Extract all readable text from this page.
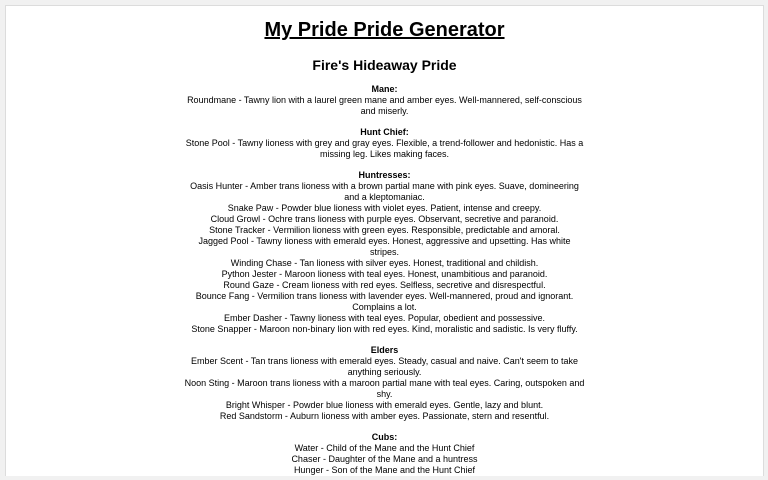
My Pride Pride Generator
Fire's Hideaway Pride
Mane:
Roundmane - Tawny lion with a laurel green mane and amber eyes. Well-mannered, self-conscious and miserly.
Hunt Chief:
Stone Pool - Tawny lioness with grey and gray eyes. Flexible, a trend-follower and hedonistic. Has a missing leg. Likes making faces.
Huntresses:
Oasis Hunter - Amber trans lioness with a brown partial mane with pink eyes. Suave, domineering and a kleptomaniac.
Snake Paw - Powder blue lioness with violet eyes. Patient, intense and creepy.
Cloud Growl - Ochre trans lioness with purple eyes. Observant, secretive and paranoid.
Stone Tracker - Vermilion lioness with green eyes. Responsible, predictable and amoral.
Jagged Pool - Tawny lioness with emerald eyes. Honest, aggressive and upsetting. Has white stripes.
Winding Chase - Tan lioness with silver eyes. Honest, traditional and childish.
Python Jester - Maroon lioness with teal eyes. Honest, unambitious and paranoid.
Round Gaze - Cream lioness with red eyes. Selfless, secretive and disrespectful.
Bounce Fang - Vermilion trans lioness with lavender eyes. Well-mannered, proud and ignorant. Complains a lot.
Ember Dasher - Tawny lioness with teal eyes. Popular, obedient and possessive.
Stone Snapper - Maroon non-binary lion with red eyes. Kind, moralistic and sadistic. Is very fluffy.
Elders
Ember Scent - Tan trans lioness with emerald eyes. Steady, casual and naive. Can't seem to take anything seriously.
Noon Sting - Maroon trans lioness with a maroon partial mane with teal eyes. Caring, outspoken and shy.
Bright Whisper - Powder blue lioness with emerald eyes. Gentle, lazy and blunt.
Red Sandstorm - Auburn lioness with amber eyes. Passionate, stern and resentful.
Cubs:
Water - Child of the Mane and the Hunt Chief
Chaser - Daughter of the Mane and a huntress
Hunger - Son of the Mane and the Hunt Chief
